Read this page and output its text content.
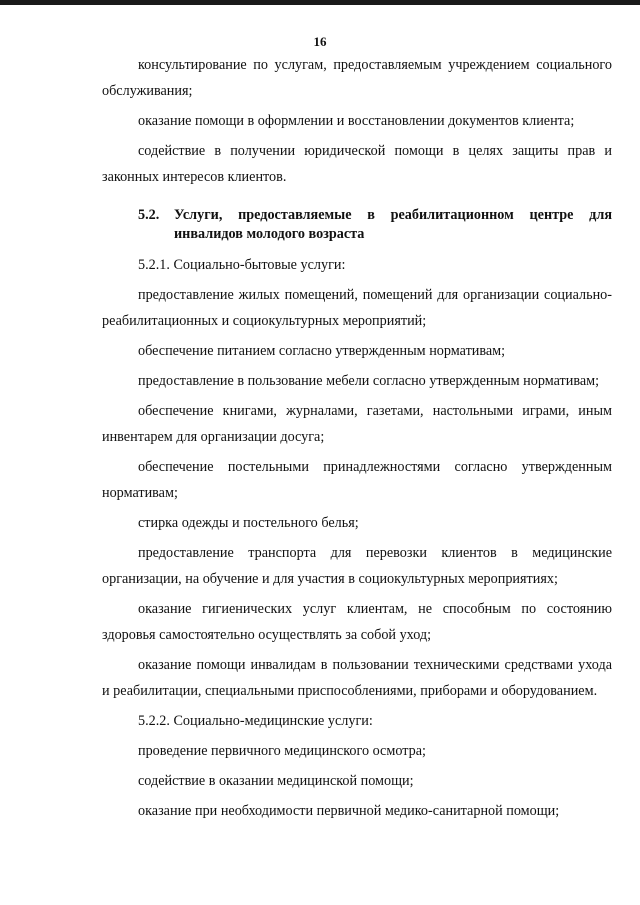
16

консультирование по услугам, предоставляемым учреждением социального обслуживания;

оказание помощи в оформлении и восстановлении документов клиента;

содействие в получении юридической помощи в целях защиты прав и законных интересов клиентов.

5.2.	Услуги, предоставляемые в реабилитационном центре для инвалидов молодого возраста

5.2.1. Социально-бытовые услуги:

предоставление жилых помещений, помещений для организации социально-реабилитационных и социокультурных мероприятий;

обеспечение питанием согласно утвержденным нормативам;

предоставление в пользование мебели согласно утвержденным нормативам;

обеспечение книгами, журналами, газетами, настольными играми, иным инвентарем для организации досуга;

обеспечение постельными принадлежностями согласно утвержденным нормативам;

стирка одежды и постельного белья;

предоставление транспорта для перевозки клиентов в медицинские организации, на обучение и для участия в социокультурных мероприятиях;

оказание гигиенических услуг клиентам, не способным по состоянию здоровья самостоятельно осуществлять за собой уход;

оказание помощи инвалидам в пользовании техническими средствами ухода и реабилитации, специальными приспособлениями, приборами и оборудованием.

5.2.2. Социально-медицинские услуги:

проведение первичного медицинского осмотра;

содействие в оказании медицинской помощи;

оказание при необходимости первичной медико-санитарной помощи;
